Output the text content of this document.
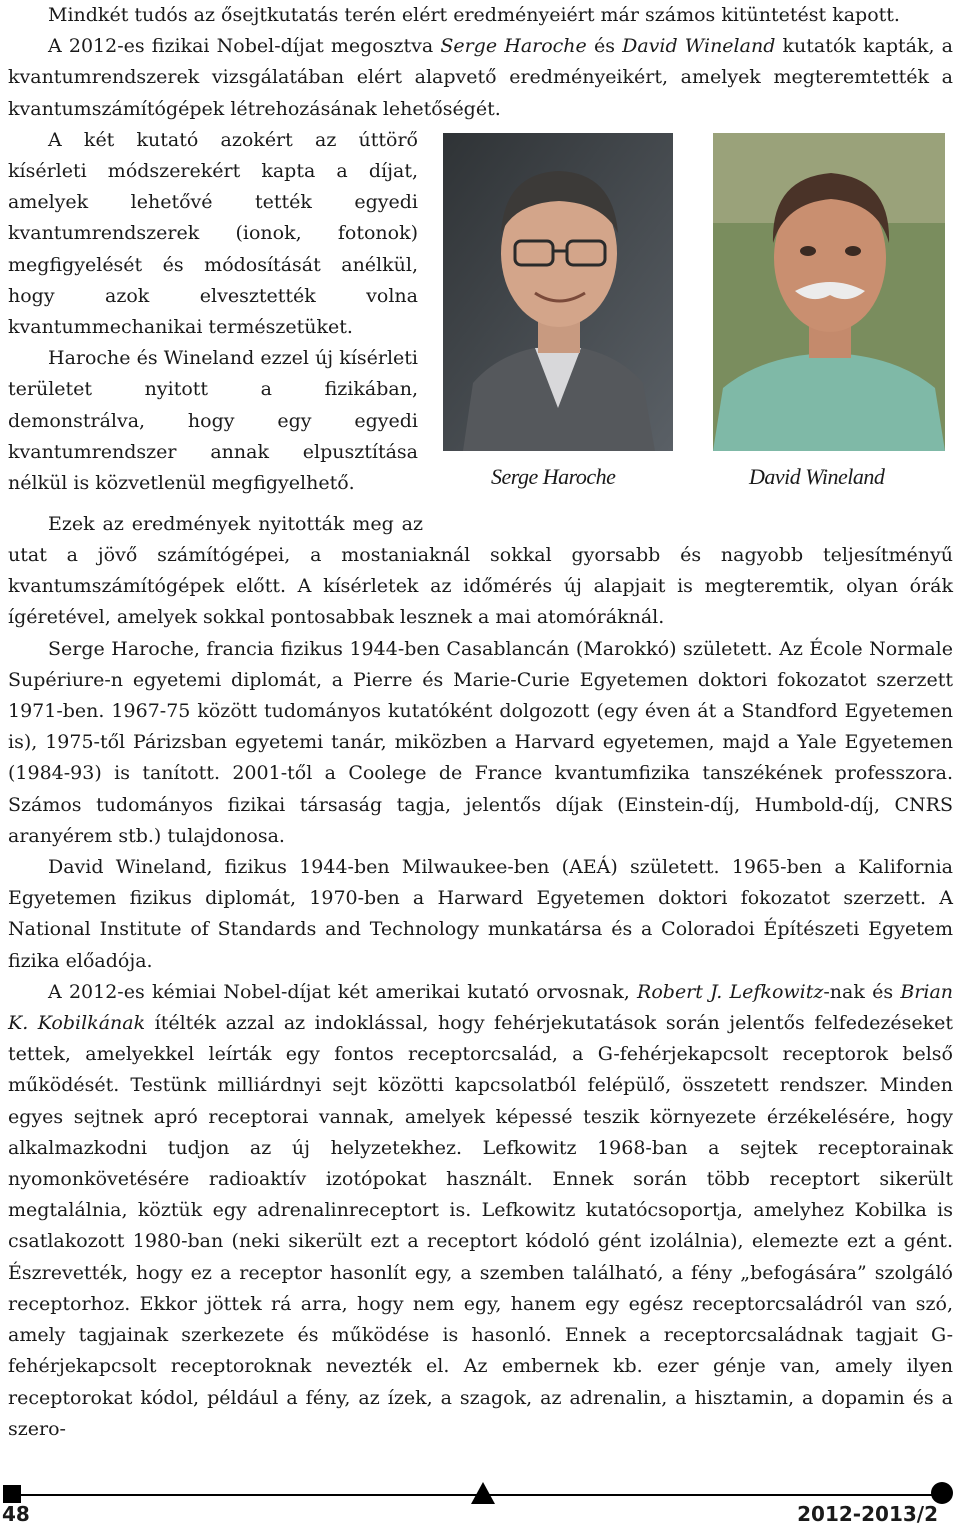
Mindkét tudós az ősejtkutatás terén elért eredményeiért már számos kitüntetést kapott.

A 2012-es fizikai Nobel-díjat megosztva Serge Haroche és David Wineland kutatók kapták, a kvantumrendszerek vizsgálatában elért alapvető eredményeikért, amelyek megteremtették a kvantumszámítógépek létrehozásának lehetőségét.

Serge Haroche	David Wineland

A két kutató azokért az úttörő kísérleti módszerekért kapta a díjat, amelyek lehetővé tették egyedi kvantumrendszerek (ionok, fotonok) megfigyelését és módosítását anélkül, hogy azok elvesztették volna kvantummechanikai természetüket.

Haroche és Wineland ezzel új kísérleti területet nyitott a fizikában, demonstrálva, hogy egy egyedi kvantumrendszer annak elpusztítása nélkül is közvetlenül megfigyelhető.

Ezek az eredmények nyitották meg az utat a jövő számítógépei, a mostaniaknál sokkal gyorsabb és nagyobb teljesítményű kvantumszámítógépek előtt. A kísérletek az időmérés új alapjait is megteremtik, olyan órák ígéretével, amelyek sokkal pontosabbak lesznek a mai atomóráknál.

Serge Haroche, francia fizikus 1944-ben Casablancán (Marokkó) született. Az École Normale Supériure-n egyetemi diplomát, a Pierre és Marie-Curie Egyetemen doktori fokozatot szerzett 1971-ben. 1967-75 között tudományos kutatóként dolgozott (egy éven át a Standford Egyetemen is), 1975-től Párizsban egyetemi tanár, miközben a Harvard egyetemen, majd a Yale Egyetemen (1984-93) is tanított. 2001-től a Coolege de France kvantumfizika tanszékének professzora. Számos tudományos fizikai társaság tagja, jelentős díjak (Einstein-díj, Humbold-díj, CNRS aranyérem stb.) tulajdonosa.

David Wineland, fizikus 1944-ben Milwaukee-ben (AEÁ) született. 1965-ben a Kalifornia Egyetemen fizikus diplomát, 1970-ben a Harward Egyetemen doktori fokozatot szerzett. A National Institute of Standards and Technology munkatársa és a Coloradoi Építészeti Egyetem fizika előadója.

A 2012-es kémiai Nobel-díjat két amerikai kutató orvosnak, Robert J. Lefkowitz-nak és Brian K. Kobilkának ítélték azzal az indoklással, hogy fehérjekutatások során jelentős felfedezéseket tettek, amelyekkel leírták egy fontos receptorcsalád, a G-fehérjekapcsolt receptorok belső működését. Testünk milliárdnyi sejt közötti kapcsolatból felépülő, összetett rendszer. Minden egyes sejtnek apró receptorai vannak, amelyek képessé teszik környezete érzékelésére, hogy alkalmazkodni tudjon az új helyzetekhez. Lefkowitz 1968-ban a sejtek receptorainak nyomonkövetésére radioaktív izotópokat használt. Ennek során több receptort sikerült megtalálnia, köztük egy adrenalinreceptort is. Lefkowitz kutatócsoportja, amelyhez Kobilka is csatlakozott 1980-ban (neki sikerült ezt a receptort kódoló gént izolálnia), elemezte ezt a gént. Észrevették, hogy ez a receptor hasonlít egy, a szemben található, a fény „befogására” szolgáló receptorhoz. Ekkor jöttek rá arra, hogy nem egy, hanem egy egész receptorcsaládról van szó, amely tagjainak szerkezete és működése is hasonló. Ennek a receptorcsaládnak tagjait G-fehérjekapcsolt receptoroknak nevezték el. Az embernek kb. ezer génje van, amely ilyen receptorokat kódol, például a fény, az ízek, a szagok, az adrenalin, a hisztamin, a dopamin és a szero-

48	2012-2013/2
